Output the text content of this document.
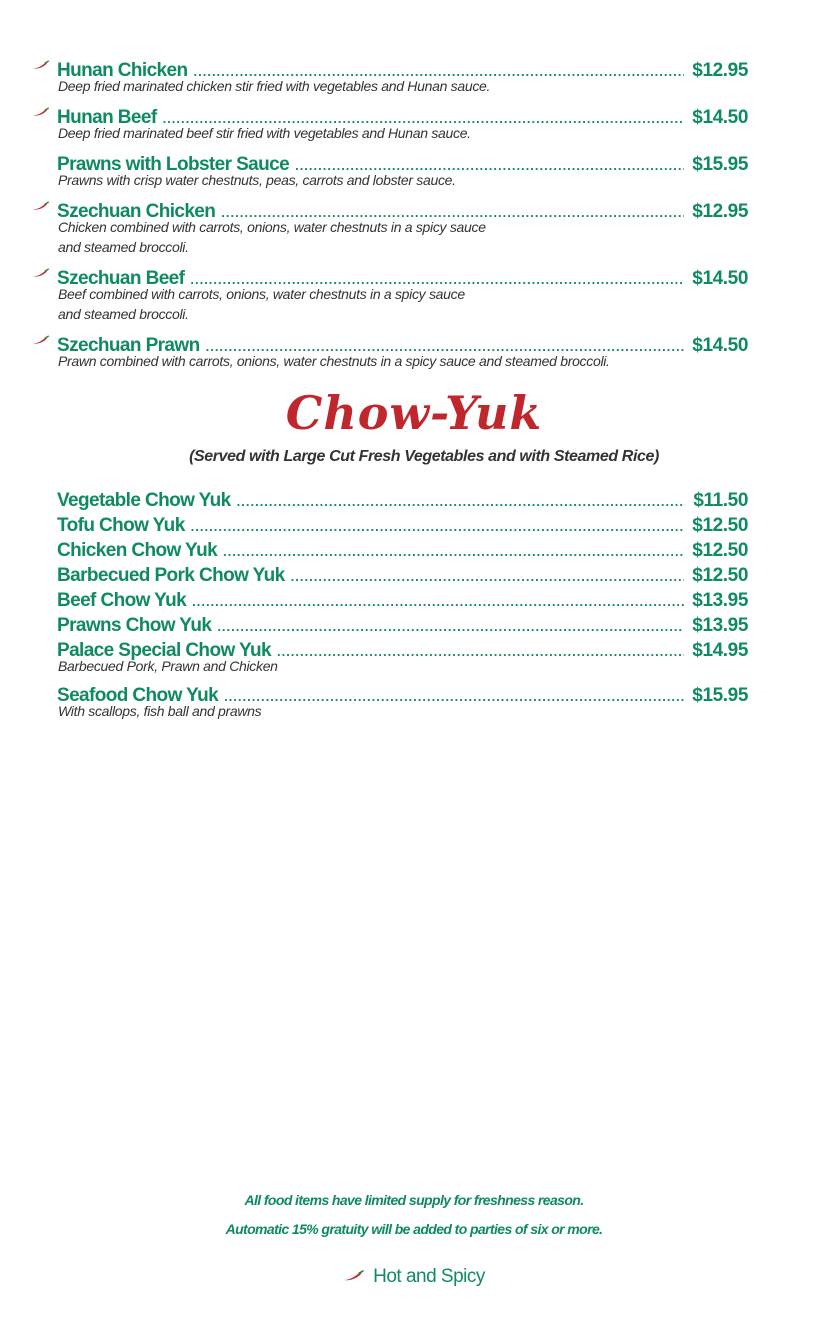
Hunan Chicken .....	$12.95
Deep fried marinated chicken stir fried with vegetables and Hunan sauce.
Hunan Beef .....	$14.50
Deep fried marinated beef stir fried with vegetables and Hunan sauce.
Prawns with Lobster Sauce .....	$15.95
Prawns with crisp water chestnuts, peas, carrots and lobster sauce.
Szechuan Chicken .....	$12.95
Chicken combined with carrots, onions, water chestnuts in a spicy sauce
and steamed broccoli.
Szechuan Beef .....	$14.50
Beef combined with carrots, onions, water chestnuts in a spicy sauce
and steamed broccoli.
Szechuan Prawn .....	$14.50
Prawn combined with carrots, onions, water chestnuts in a spicy sauce and steamed broccoli.
Chow-Yuk
(Served with Large Cut Fresh Vegetables and with Steamed Rice)
Vegetable Chow Yuk .....	$11.50
Tofu Chow Yuk .....	$12.50
Chicken Chow Yuk .....	$12.50
Barbecued Pork Chow Yuk .....	$12.50
Beef Chow Yuk .....	$13.95
Prawns Chow Yuk .....	$13.95
Palace Special Chow Yuk .....	$14.95
Barbecued Pork, Prawn and Chicken
Seafood Chow Yuk .....	$15.95
With scallops, fish ball and prawns
All food items have limited supply for freshness reason.
Automatic 15% gratuity will be added to parties of six or more.
Hot and Spicy
